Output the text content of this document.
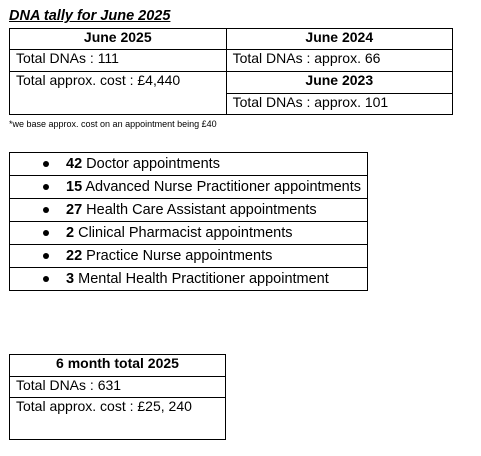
DNA tally for June 2025
June 2025	June 2024
Total DNAs : 111	Total DNAs : approx. 66
Total approx. cost : £4,440	June 2023
	Total DNAs : approx. 101
*we base approx. cost on an appointment being £40
42 Doctor appointments

15 Advanced Nurse Practitioner appointments

27 Health Care Assistant appointments

2 Clinical Pharmacist appointments

22 Practice Nurse appointments

3 Mental Health Practitioner appointment
6 month total 2025
Total DNAs : 631
Total approx. cost : £25, 240
